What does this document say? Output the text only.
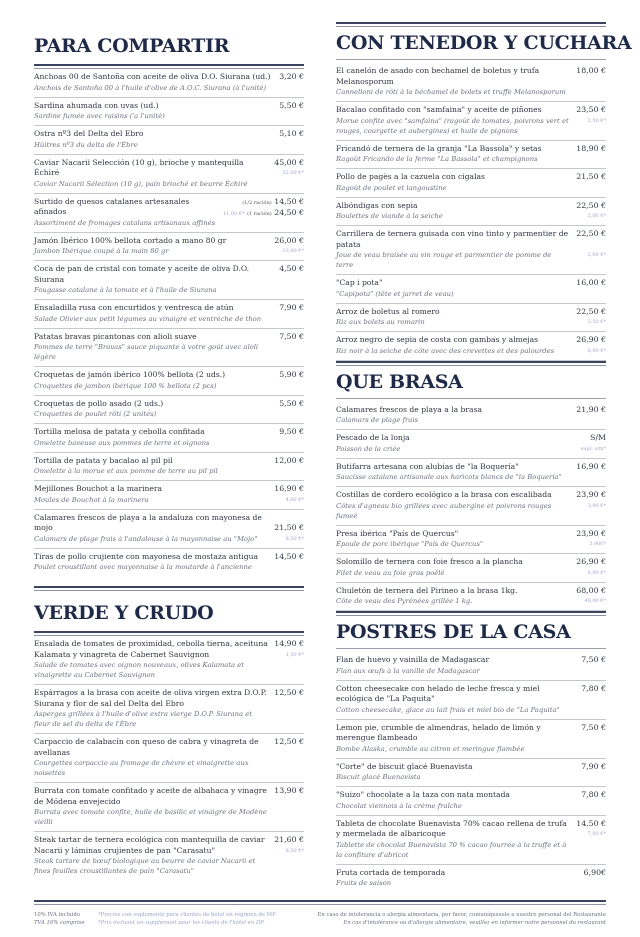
PARA COMPARTIR
Anchoas 00 de Santoña con aceite de oliva D.O. Siurana (ud.)
Anchois de Santoña 00 à l'huile d'olive de A.O.C. Siurana (à l'unité)
3,20 €
Sardina ahumada con uvas (ud.)
Sardine fumée avec raisins ('a l'unité)
5,50 €
Ostra nº3 del Delta del Ebro
Hûitres nº3 du delta de l'Èbre
5,10 €
Caviar Nacarii Selección (10 g), brioche y mantequilla Échiré
Caviar Nacarii Sélection (10 g), pain brioché et beurre Échiré
45,00 €
32,00 €*
Surtido de quesos catalanes artesanales afinados
Assortiment de fromages catalans artisanaux affinés
(1/2 ración) 14,50 €
11,00 €* (1 ración) 24,50 €
Jamón Ibérico 100% bellota cortado a mano 80 gr
Jambon Ibérique coupé à la main 80 gr
26,00 €
13,00 €*
Coca de pan de cristal con tomate y aceite de oliva D.O. Siurana
Fougasse catalane à la tomate et à l'huile de Siurana
4,50 €
Ensaladilla rusa con encurtidos y ventresca de atún
Salade Olivier aux petit légumes au vinaigre et ventrèche de thon
7,90 €
Patatas bravas picantonas con alioli suave
Pommes de terre "Bravas" sauce piquante à votre goût avec aïoli légère
7,50 €
Croquetas de jamón ibérico 100% bellota (2 uds.)
Croquettes de jambon ibérique 100 % bellota (2 pcs)
5,90 €
Croquetas de pollo asado (2 uds.)
Croquettes de poulet rôti (2 unités)
5,50 €
Tortilla melosa de patata y cebolla confitada
Omelette baveuse aux pommes de terre et oignons
9,50 €
Tortilla de patata y bacalao al pil pil
Omelette à la morue et aux pomme de terre au pil pil
12,00 €
Mejillones Bouchot a la marinera
Moules de Bouchot à la marinera
16,90 €
4,00 €*
Calamares frescos de playa a la andaluza con mayonesa de mojo
Calamars de plage frais à l'andalouse à la mayonnaise au "Mojo"
21,50 €
8,50 €*
Tiras de pollo crujiente con mayonesa de mostaza antigua
Poulet croustillant avec mayonnaise à la moutarde à l'ancienne
14,50 €
VERDE Y CRUDO
Ensalada de tomates de proximidad, cebolla tierna, aceituna Kalamata y vinagreta de Cabernet Sauvignon
Salade de tomates avec oignon nouveaux, olives Kalamata et vinaigrette au Cabernet Sauvignon
14,90 €
1,50 €*
Espárragos a la brasa con aceite de oliva virgen extra D.O.P. Siurana y flor de sal del Delta del Ebro
Asperges grillées à l'huile d'olive extra vierge D.O.P. Siurana et fleur de sel du delta de l'Èbre
12,50 €
Carpaccio de calabacín con queso de cabra y vinagreta de avellanas
Courgettes carpaccio au fromage de chèvre et vinaigrette aux noisettes
12,50 €
Burrata con tomate confitado y aceite de albahaca y vinagre de Módena envejecido
Burrata avec tomate confite, huile de basilic et vinaigre de Modène vieilli
13,90 €
Steak tartar de ternera ecológica con mantequilla de caviar Nacarii y láminas crujientes de pan "Carasatu"
Steak tartare de bœuf biologique au beurre de caviar Nacarii et fines feuilles croustillantes de pain "Carasatu"
21,60 €
8,50 €*
CON TENEDOR Y CUCHARA
El canelón de asado con bechamel de boletus y trufa Melanosporum
Cannelloni de rôti à la béchamel de bolets et truffe Melanosporum
18,00 €
Bacalao confitado con "samfaina" y aceite de piñones
Morue confite avec "samfaina" (ragoût de tomates, poivrons vert et rouges, courgette et aubergines) et huile de pignons
23,50 €
2,50 €*
Fricandó de ternera de la granja "La Bassola" y setas
Ragoût Fricando de la ferme "La Bassola" et champignons
18,90 €
Pollo de pagès a la cazuela con cigalas
Ragoût de poulet et langoustine
21,50 €
Albóndigas con sepia
Boulettes de viande à la seiche
22,50 €
2,00 €*
Carrillera de ternera guisada con vino tinto y parmentier de patata
Joue de veau braisée au vin rouge et parmentier de pomme de terre
22,50 €
2,00 €*
"Cap i pota"
"Capipota" (tête et jarret de veau)
16,00 €
Arroz de boletus al romero
Riz aux bolets au romarin
22,50 €
2,50 €*
Arroz negro de sepia de costa con gambas y almejas
Riz noir à la seiche de côte avec des crevettes et des palourdes
26,90 €
6,90 €*
QUE BRASA
Calamares frescos de playa a la brasa
Calamars de plage frais
21,90 €
Pescado de la lonja
Poisson de la criée
S/M
supl. s/m*
Butifarra artesana con alubias de "la Boquería"
Saucisse catalane artisanale aux haricots blancs de "la Boquería"
16,90 €
Costillas de cordero ecológico a la brasa con escalibada
Côtes d'agneau bio grillées avec aubergine et poivrons rouges fumeé
23,90 €
3,90 €*
Presa ibérica "País de Quercus"
Épaule de porc ibérique "País de Quercus"
23,90 €
3,90€*
Solomillo de ternera con foie fresco a la plancha
Filet de veau au foie gras poêlé
26,90 €
6,90 €*
Chuletón de ternera del Pirineo a la brasa 1kg.
Côte de veau des Pyrénées grillée 1 kg.
68,00 €
48,00 €*
POSTRES DE LA CASA
Flan de huevo y vainilla de Madagascar
Flan aux œufs à la vanille de Madagascar
7,50 €
Cotton cheesecake con helado de leche fresca y miel ecológica de "La Paquita"
Cotton cheesecake, glace au lait frais et miel bio de "La Paquita"
7,80 €
Lemon pie, crumble de almendras, helado de limón y merengue flambeado
Bombe Alaska, crumble au citron et meringue flambée
7,50 €
"Corte" de biscuit glacé Buenavista
Biscuit glacé Buenavista
7,90 €
"Suizo" chocolate a la taza con nata montada
Chocolat viennois à la crème fraîche
7,80 €
Tableta de chocolate Buenavista 70% cacao rellena de trufa y mermelada de albaricoque
Tablette de chocolat Buenavista 70 % cacao fourrée à la truffe et à la confiture d'abricot
14,50 €
7,00 €*
Fruta cortada de temporada
Fruits de saison
6,90€
10% IVA incluido
TVA 10% comprise
*Precios con suplemento para clientes de hotel en régimen de MP
*Prix incluant un supplément pour les clients de l'hôtel en DP
En caso de intolerancia o alergia alimentaria, por favor, comuníqueselo a nuestro personal del Restaurante
En cas d'intolérance ou d'allergie alimentaire, veuillez en informer notre personnel du restaurant
